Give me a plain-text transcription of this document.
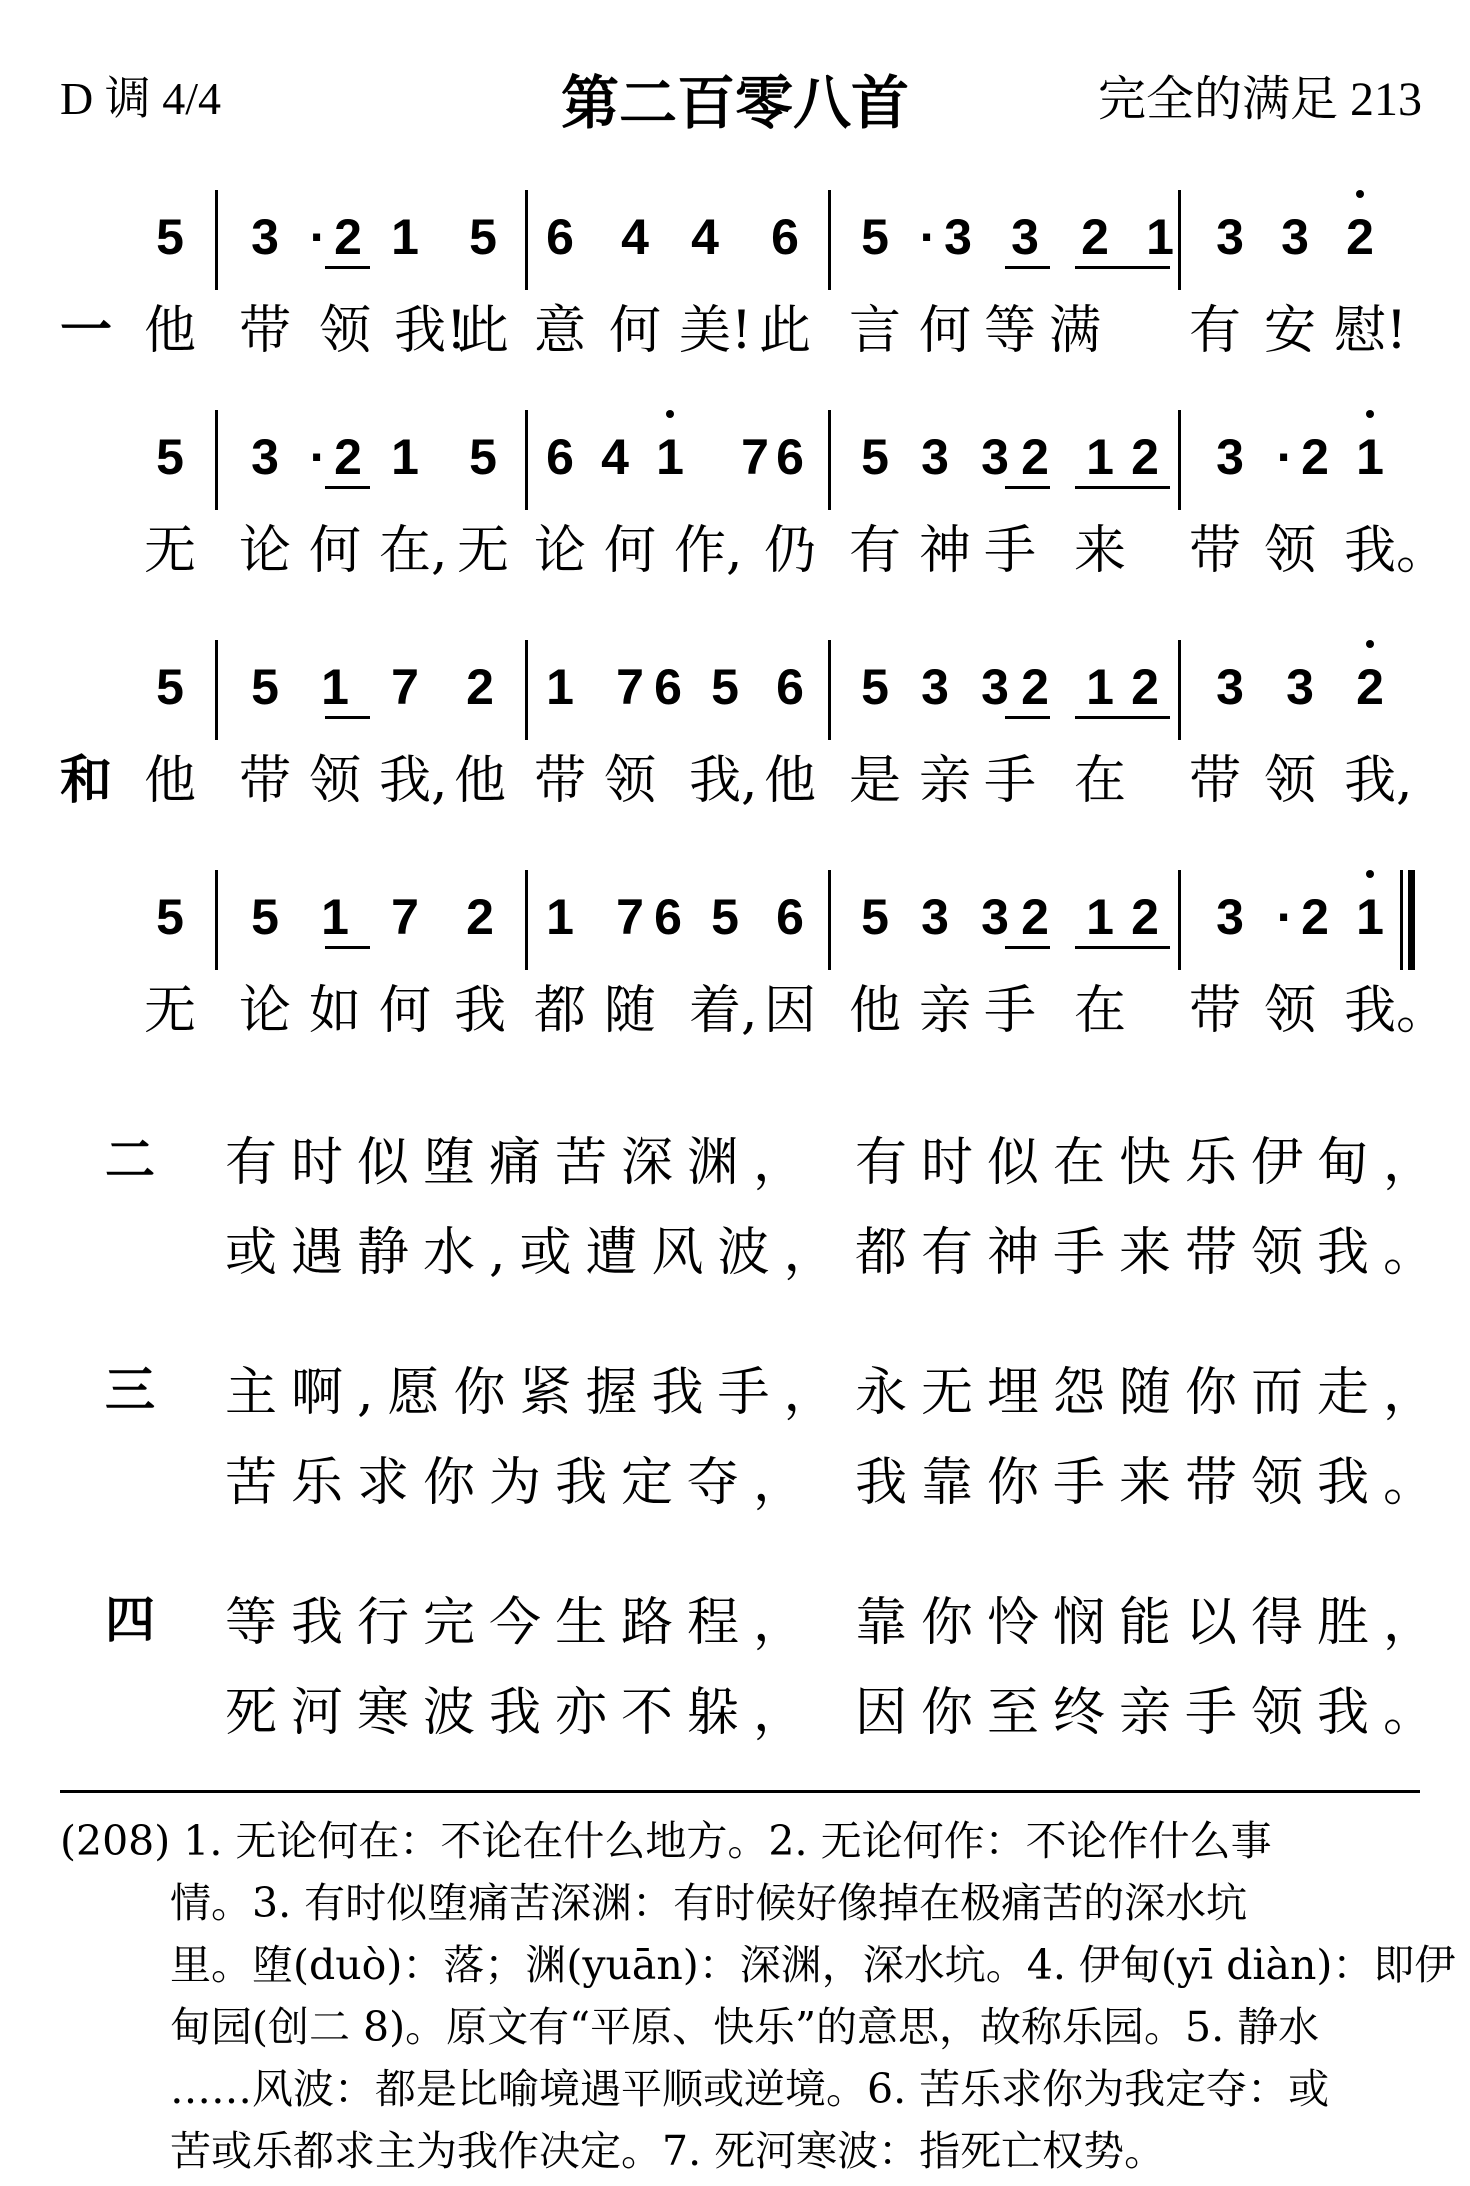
D 调 4/4	第二百零八首	完全的满足 213
5	3 · 2 1	5 6 4 4	6	5 · 3 3 2 1 3 3 2
他 带 领 我!
此 意 何 美! 此 言 何 等 满 有 安 慰!
一
5	3 · 2 1	5 6 4 1	7 6	5 3 3 2 1 2	3 · 2 1
无 论 何 在, 无 论 何 作, 仍 有 神 手 来 带 领 我。
5	5 1 7 2	1 7 6 5 6	5 3 3 2 1 2	3 3 2
他 带 领 我, 他 带 领 我, 他 是 亲 手 在 带 领 我,
和
5	5 1 7 2	1 7 6 5 6	5 3 3 2 1 2	3 · 2 1
无 论 如 何 我 都 随 着, 因 他 亲 手 在 带 领 我。
二 有时似堕痛苦深渊， 有时似在快乐伊甸，
或遇静水,或遭风波， 都有神手来带领我。
三 主啊,愿你紧握我手， 永无埋怨随你而走，
苦乐求你为我定夺， 我靠你手来带领我。
四 等我行完今生路程， 靠你怜悯能以得胜，
死河寒波我亦不躲， 因你至终亲手领我。
(208) 1. 无论何在：不论在什么地方。2. 无论何作：不论作什么事
情。3. 有时似堕痛苦深渊：有时候好像掉在极痛苦的深水坑
里。堕(duò)：落；渊(yuān)：深渊，深水坑。4. 伊甸(yī diàn)：即伊
甸园(创二 8)。原文有“平原、快乐”的意思，故称乐园。5. 静水
……风波：都是比喻境遇平顺或逆境。6. 苦乐求你为我定夺：或
苦或乐都求主为我作决定。7. 死河寒波：指死亡权势。
